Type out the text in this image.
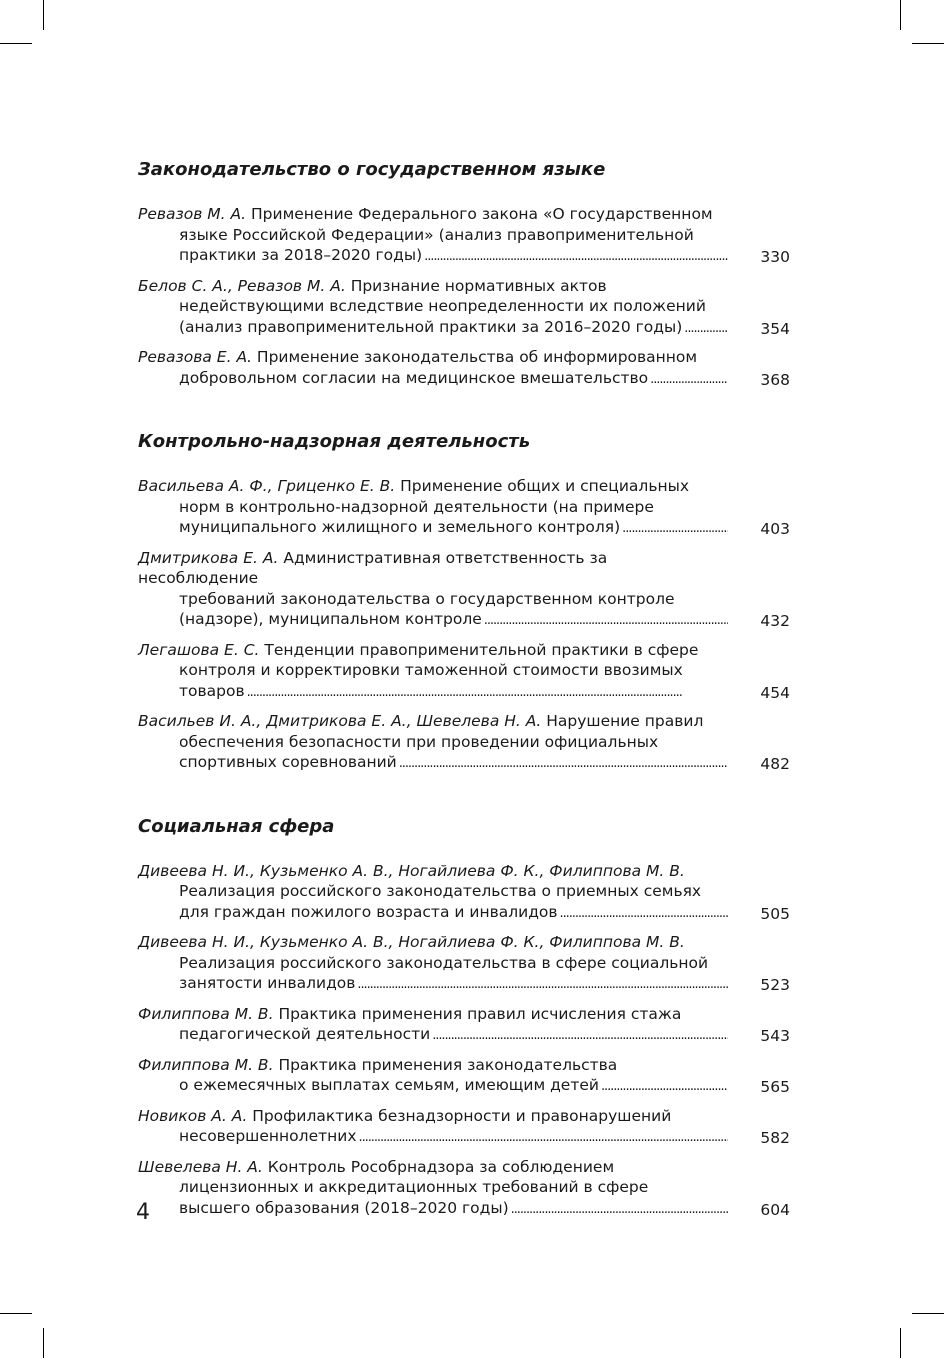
Законодательство о государственном языке
Ревазов М. А. Применение Федерального закона «О государственном
языке Российской Федерации» (анализ правоприменительной
практики за 2018–2020 годы) . . .	330
Белов С. А., Ревазов М. А. Признание нормативных актов
недействующими вследствие неопределенности их положений
(анализ правоприменительной практики за 2016–2020 годы) . . .	354
Ревазова Е. А. Применение законодательства об информированном
добровольном согласии на медицинское вмешательство . . .	368
Контрольно-надзорная деятельность
Васильева А. Ф., Гриценко Е. В. Применение общих и специальных
норм в контрольно-надзорной деятельности (на примере
муниципального жилищного и земельного контроля) . . .	403
Дмитрикова Е. А. Административная ответственность за несоблюдение
требований законодательства о государственном контроле
(надзоре), муниципальном контроле . . .	432
Легашова Е. С. Тенденции правоприменительной практики в сфере
контроля и корректировки таможенной стоимости ввозимых
товаров . . .	454
Васильев И. А., Дмитрикова Е. А., Шевелева Н. А. Нарушение правил
обеспечения безопасности при проведении официальных
спортивных соревнований . . .	482
Социальная сфера
Дивеева Н. И., Кузьменко А. В., Ногайлиева Ф. К., Филиппова М. В.
Реализация российского законодательства о приемных семьях
для граждан пожилого возраста и инвалидов . . .	505
Дивеева Н. И., Кузьменко А. В., Ногайлиева Ф. К., Филиппова М. В.
Реализация российского законодательства в сфере социальной
занятости инвалидов . . .	523
Филиппова М. В. Практика применения правил исчисления стажа
педагогической деятельности . . .	543
Филиппова М. В. Практика применения законодательства
о ежемесячных выплатах семьям, имеющим детей . . .	565
Новиков А. А. Профилактика безнадзорности и правонарушений
несовершеннолетних . . .	582
Шевелева Н. А. Контроль Рособрнадзора за соблюдением
лицензионных и аккредитационных требований в сфере
высшего образования (2018–2020 годы) . . .	604
4
